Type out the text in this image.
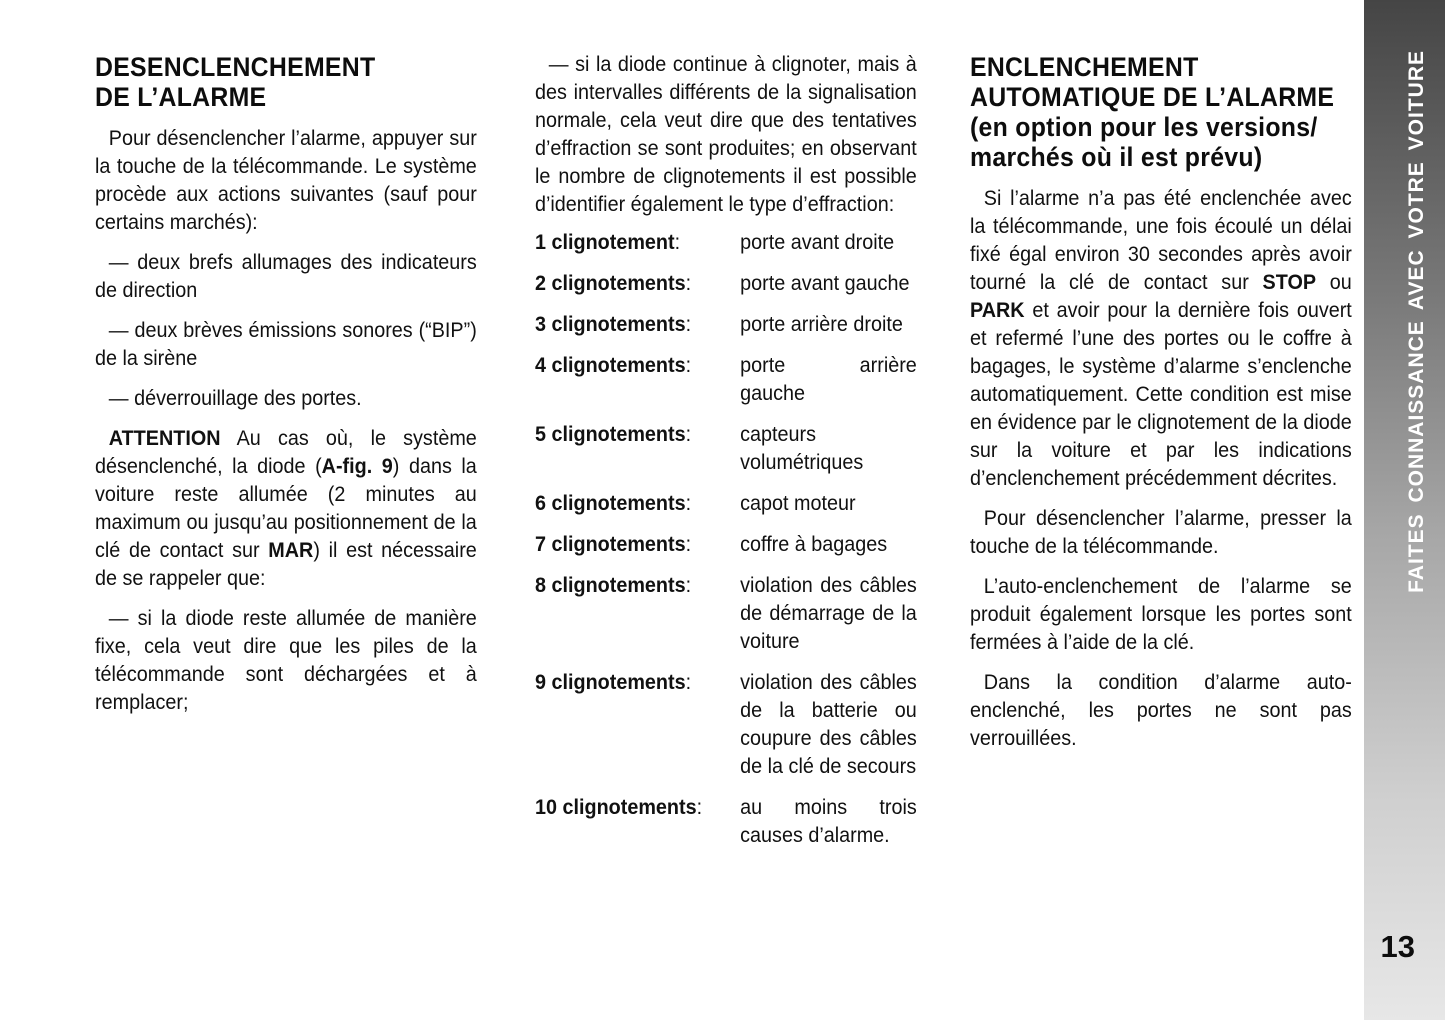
DESENCLENCHEMENT
DE L’ALARME

Pour désenclencher l’alarme, appuyer sur la touche de la télécommande. Le système procède aux actions suivantes (sauf pour certains marchés):

— deux brefs allumages des indicateurs de direction

— deux brèves émissions sonores (“BIP”) de la sirène

— déverrouillage des portes.

ATTENTION Au cas où, le système désenclenché, la diode (A-fig. 9) dans la voiture reste allumée (2 minutes au maximum ou jusqu’au positionnement de la clé de contact sur MAR) il est nécessaire de se rappeler que:

— si la diode reste allumée de manière fixe, cela veut dire que les piles de la télécommande sont déchargées et à remplacer;

— si la diode continue à clignoter, mais à des intervalles différents de la signalisation normale, cela veut dire que des tentatives d’effraction se sont produites; en observant le nombre de clignotements il est possible d’identifier également le type d’effraction:

1 clignotement:	porte avant droite
2 clignotements:	porte avant gauche
3 clignotements:	porte arrière droite
4 clignotements:	porte arrière gauche
5 clignotements:	capteurs volumétriques
6 clignotements:	capot moteur
7 clignotements:	coffre à bagages
8 clignotements:	violation des câbles de démarrage de la voiture
9 clignotements:	violation des câbles de la batterie ou coupure des câbles de la clé de secours
10 clignotements:	au moins trois causes d’alarme.
ENCLENCHEMENT
AUTOMATIQUE DE L’ALARME
(en option pour les versions/
marchés où il est prévu)

Si l’alarme n’a pas été enclenchée avec la télécommande, une fois écoulé un délai fixé égal environ 30 secondes après avoir tourné la clé de contact sur STOP ou PARK et avoir pour la dernière fois ouvert et refermé l’une des portes ou le coffre à bagages, le système d’alarme s’enclenche automatiquement. Cette condition est mise en évidence par le clignotement de la diode sur la voiture et par les indications d’enclenchement précédemment décrites.

Pour désenclencher l’alarme, presser la touche de la télécommande.

L’auto-enclenchement de l’alarme se produit également lorsque les portes sont fermées à l’aide de la clé.

Dans la condition d’alarme auto-enclenché, les portes ne sont pas verrouillées.

FAITES CONNAISSANCE AVEC VOTRE VOITURE
13
